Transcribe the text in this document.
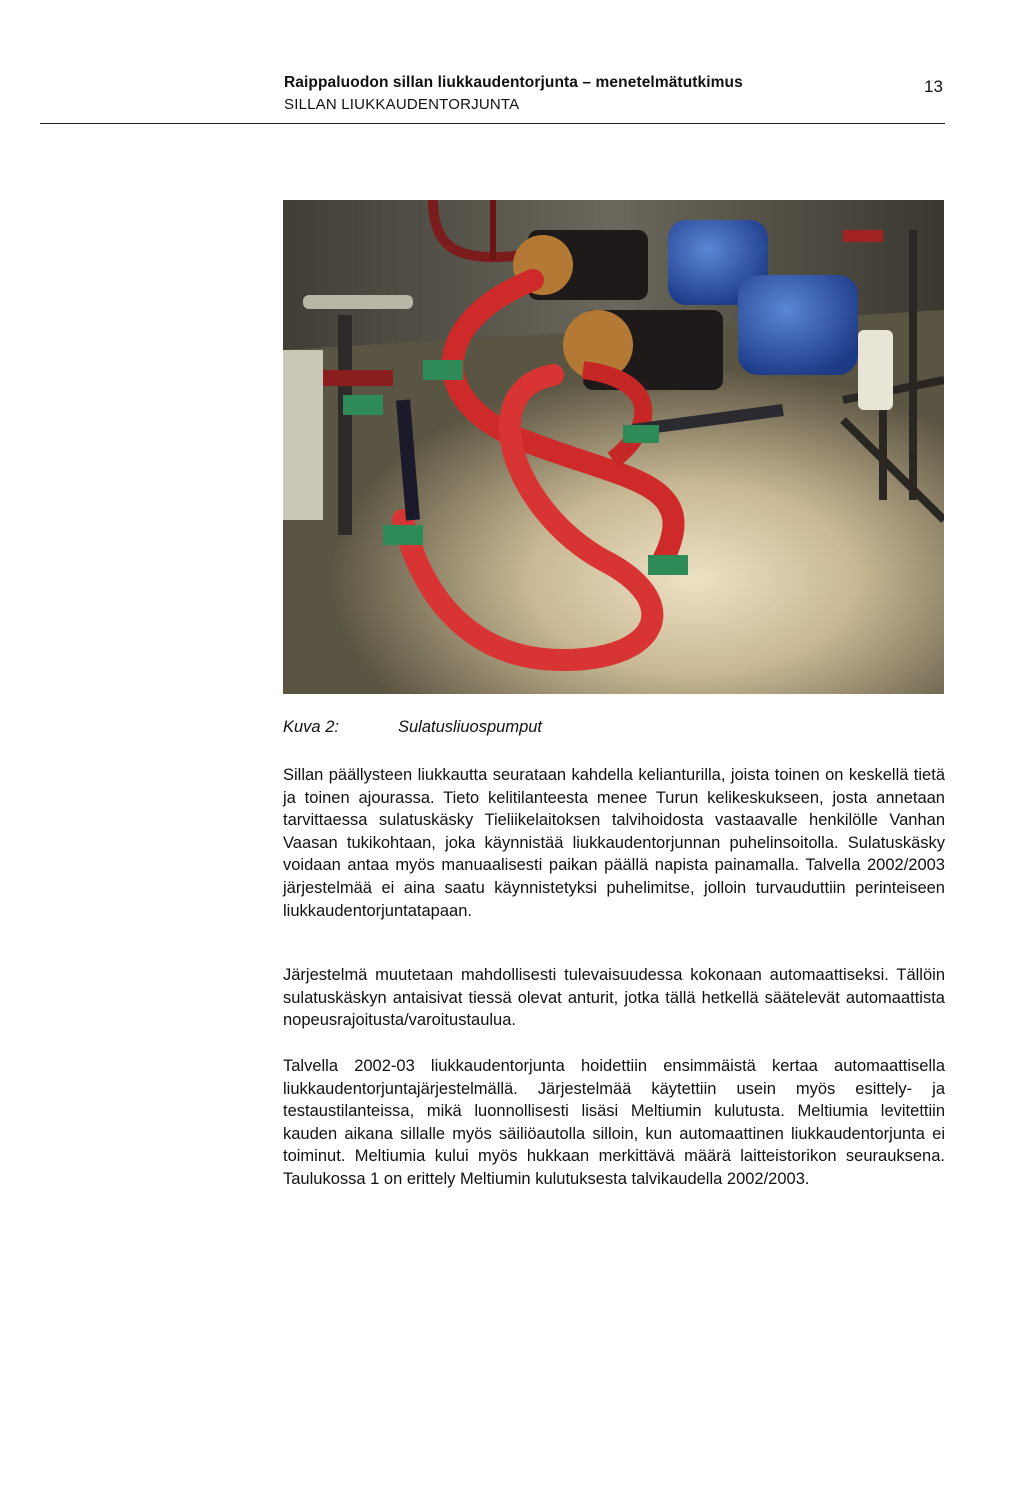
Raippaluodon sillan liukkaudentorjunta – menetelmätutkimus
SILLAN LIUKKAUDENTORJUNTA
13
Kuva 2:	Sulatusliuospumput
Sillan päällysteen liukkautta seurataan kahdella kelianturilla, joista toinen on keskellä tietä ja toinen ajourassa. Tieto kelitilanteesta menee Turun kelikeskukseen, josta annetaan tarvittaessa sulatuskäsky Tieliikelaitoksen talvihoidosta vastaavalle henkilölle Vanhan Vaasan tukikohtaan, joka käynnistää liukkaudentorjunnan puhelinsoitolla. Sulatuskäsky voidaan antaa myös manuaalisesti paikan päällä napista painamalla. Talvella 2002/2003 järjestelmää ei aina saatu käynnistetyksi puhelimitse, jolloin turvauduttiin perinteiseen liukkaudentorjuntatapaan.
Järjestelmä muutetaan mahdollisesti tulevaisuudessa kokonaan automaattiseksi. Tällöin sulatuskäskyn antaisivat tiessä olevat anturit, jotka tällä hetkellä säätelevät automaattista nopeusrajoitusta/varoitustaulua.
Talvella 2002-03 liukkaudentorjunta hoidettiin ensimmäistä kertaa automaattisella liukkaudentorjuntajärjestelmällä. Järjestelmää käytettiin usein myös esittely- ja testaustilanteissa, mikä luonnollisesti lisäsi Meltiumin kulutusta. Meltiumia levitettiin kauden aikana sillalle myös säiliöautolla silloin, kun automaattinen liukkaudentorjunta ei toiminut. Meltiumia kului myös hukkaan merkittävä määrä laitteistorikon seurauksena. Taulukossa 1 on erittely Meltiumin kulutuksesta talvikaudella 2002/2003.
